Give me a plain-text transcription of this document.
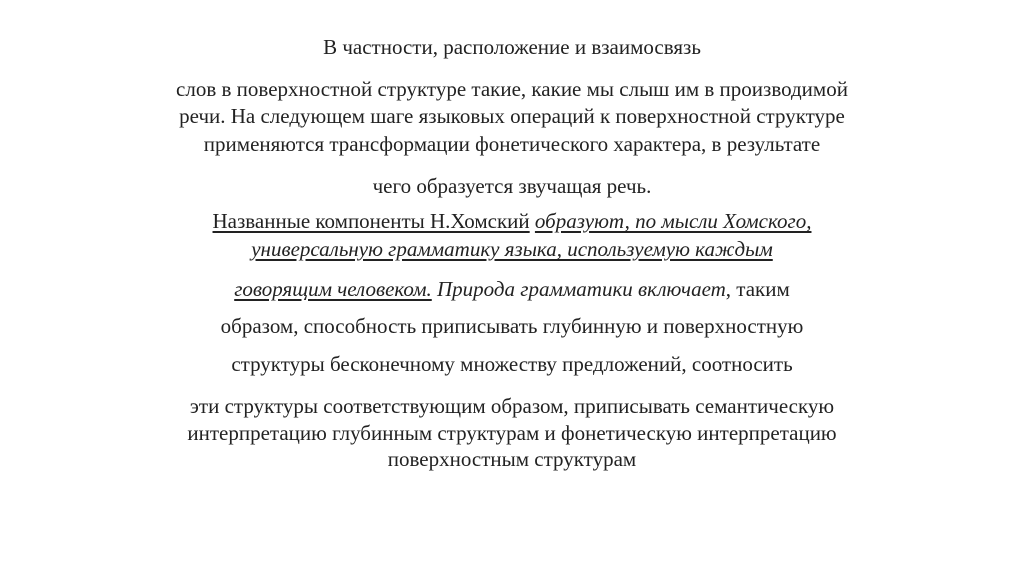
В частности, расположение и взаимосвязь
слов в поверхностной структуре такие, какие мы слыш им в производимой
речи. На следующем шаге языковых операций к поверхностной структуре
применяются трансформации фонетического характера, в результате
чего образуется звучащая речь.
Названные компоненты Н.Хомский образуют, по мысли Хомского,
универсальную грамматику языка, используемую каждым
говорящим человеком. Природа грамматики включает, таким
образом, способность приписывать глубинную и поверхностную
структуры бесконечному множеству предложений, соотносить
эти структуры соответствующим образом, приписывать семантическую
интерпретацию глубинным структурам и фонетическую интерпретацию
поверхностным структурам
